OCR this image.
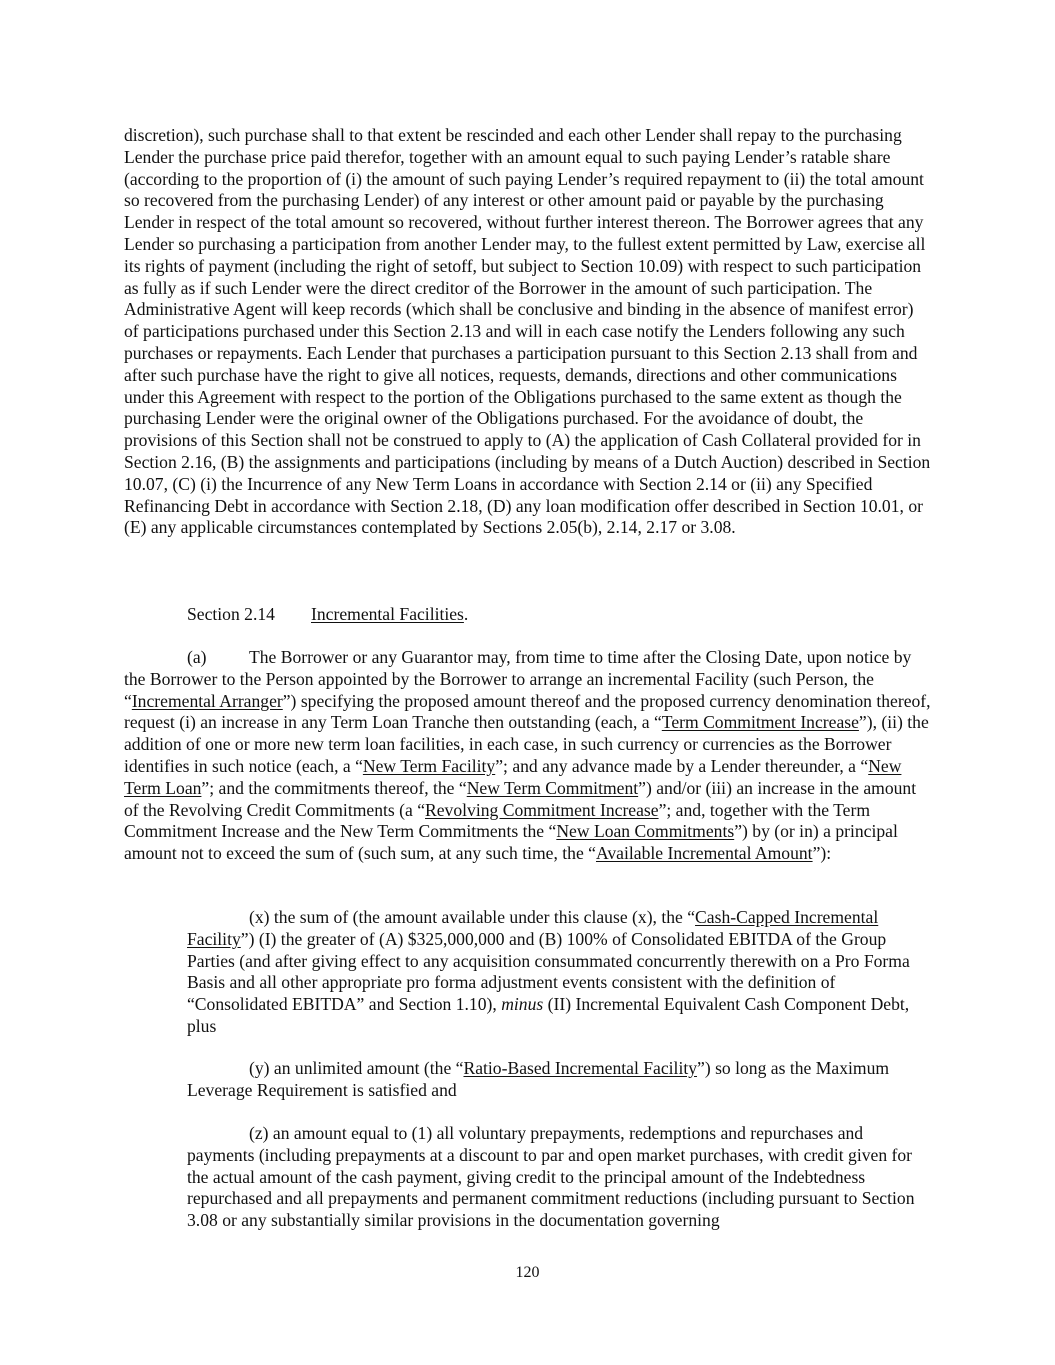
discretion), such purchase shall to that extent be rescinded and each other Lender shall repay to the purchasing Lender the purchase price paid therefor, together with an amount equal to such paying Lender’s ratable share (according to the proportion of (i) the amount of such paying Lender’s required repayment to (ii) the total amount so recovered from the purchasing Lender) of any interest or other amount paid or payable by the purchasing Lender in respect of the total amount so recovered, without further interest thereon. The Borrower agrees that any Lender so purchasing a participation from another Lender may, to the fullest extent permitted by Law, exercise all its rights of payment (including the right of setoff, but subject to Section 10.09) with respect to such participation as fully as if such Lender were the direct creditor of the Borrower in the amount of such participation. The Administrative Agent will keep records (which shall be conclusive and binding in the absence of manifest error) of participations purchased under this Section 2.13 and will in each case notify the Lenders following any such purchases or repayments. Each Lender that purchases a participation pursuant to this Section 2.13 shall from and after such purchase have the right to give all notices, requests, demands, directions and other communications under this Agreement with respect to the portion of the Obligations purchased to the same extent as though the purchasing Lender were the original owner of the Obligations purchased. For the avoidance of doubt, the provisions of this Section shall not be construed to apply to (A) the application of Cash Collateral provided for in Section 2.16, (B) the assignments and participations (including by means of a Dutch Auction) described in Section 10.07, (C) (i) the Incurrence of any New Term Loans in accordance with Section 2.14 or (ii) any Specified Refinancing Debt in accordance with Section 2.18, (D) any loan modification offer described in Section 10.01, or (E) any applicable circumstances contemplated by Sections 2.05(b), 2.14, 2.17 or 3.08.

Section 2.14 Incremental Facilities.

(a) The Borrower or any Guarantor may, from time to time after the Closing Date, upon notice by the Borrower to the Person appointed by the Borrower to arrange an incremental Facility (such Person, the “Incremental Arranger”) specifying the proposed amount thereof and the proposed currency denomination thereof, request (i) an increase in any Term Loan Tranche then outstanding (each, a “Term Commitment Increase”), (ii) the addition of one or more new term loan facilities, in each case, in such currency or currencies as the Borrower identifies in such notice (each, a “New Term Facility”; and any advance made by a Lender thereunder, a “New Term Loan”; and the commitments thereof, the “New Term Commitment”) and/or (iii) an increase in the amount of the Revolving Credit Commitments (a “Revolving Commitment Increase”; and, together with the Term Commitment Increase and the New Term Commitments the “New Loan Commitments”) by (or in) a principal amount not to exceed the sum of (such sum, at any such time, the “Available Incremental Amount”):

(x) the sum of (the amount available under this clause (x), the “Cash-Capped Incremental Facility”) (I) the greater of (A) $325,000,000 and (B) 100% of Consolidated EBITDA of the Group Parties (and after giving effect to any acquisition consummated concurrently therewith on a Pro Forma Basis and all other appropriate pro forma adjustment events consistent with the definition of “Consolidated EBITDA” and Section 1.10), minus (II) Incremental Equivalent Cash Component Debt, plus

(y) an unlimited amount (the “Ratio-Based Incremental Facility”) so long as the Maximum Leverage Requirement is satisfied and

(z) an amount equal to (1) all voluntary prepayments, redemptions and repurchases and payments (including prepayments at a discount to par and open market purchases, with credit given for the actual amount of the cash payment, giving credit to the principal amount of the Indebtedness repurchased and all prepayments and permanent commitment reductions (including pursuant to Section 3.08 or any substantially similar provisions in the documentation governing

120
